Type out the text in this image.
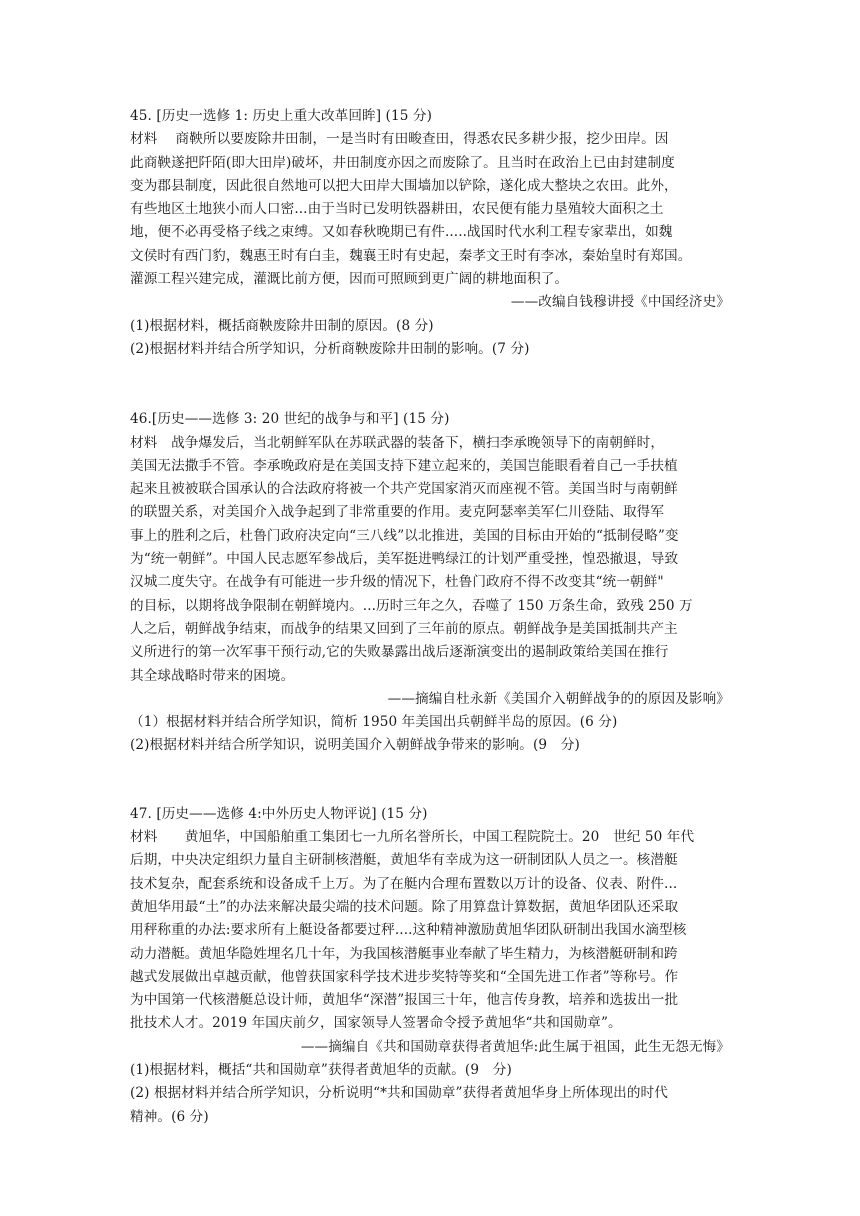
45. [历史一选修 1: 历史上重大改革回眸] (15 分)
材料　 商鞅所以要废除井田制，一是当时有田畯查田，得悉农民多耕少报，挖少田岸。因
此商鞅遂把阡陌(即大田岸)破坏，井田制度亦因之而废除了。且当时在政治上已由封建制度
变为郡县制度，因此很自然地可以把大田岸大围墙加以铲除，遂化成大整块之农田。此外，
有些地区土地狭小而人口密...由于当时已发明铁器耕田，农民便有能力垦殖较大面积之土
地，便不必再受格子线之束缚。又如春秋晚期已有件.....战国时代水利工程专家辈出，如魏
文侯时有西门豹，魏惠王时有白圭，魏襄王时有史起，秦孝文王时有李冰，秦始皇时有郑国。
灌源工程兴建完成，灌溉比前方便，因而可照顾到更广阔的耕地面积了。
——改编自钱穆讲授《中国经济史》
(1)根据材料，概括商鞅废除井田制的原因。(8 分)
(2)根据材料并结合所学知识，分析商鞅废除井田制的影响。(7 分)
46.[历史——选修 3: 20 世纪的战争与和平] (15 分)
材料　战争爆发后，当北朝鲜军队在苏联武器的装备下，横扫李承晚领导下的南朝鲜时，
美国无法撒手不管。李承晚政府是在美国支持下建立起来的，美国岂能眼看着自己一手扶植
起来且被被联合国承认的合法政府将被一个共产党国家消灭而座视不管。美国当时与南朝鲜
的联盟关系，对美国介入战争起到了非常重要的作用。麦克阿瑟率美军仁川登陆、取得军
事上的胜利之后，杜鲁门政府决定向“三八线”以北推进，美国的目标由开始的“抵制侵略”变
为“统一朝鲜”。中国人民志愿军参战后，美军挺进鸭绿江的计划严重受挫，惶恐撤退，导致
汉城二度失守。在战争有可能进一步升级的情况下，杜鲁门政府不得不改变其“统一朝鲜"
的目标，以期将战争限制在朝鲜境内。...历时三年之久，吞噬了 150 万条生命，致残 250 万
人之后，朝鲜战争结束，而战争的结果又回到了三年前的原点。朝鲜战争是美国抵制共产主
义所进行的第一次军事干预行动,它的失败暴露出战后逐渐演变出的遏制政策给美国在推行
其全球战略时带来的困境。
——摘编自杜永新《美国介入朝鲜战争的的原因及影响》
（1）根据材料并结合所学知识，简析 1950 年美国出兵朝鲜半岛的原因。(6 分)
(2)根据材料并结合所学知识，说明美国介入朝鲜战争带来的影响。(9　分)
47. [历史——选修 4:中外历史人物评说] (15 分)
材料　　黄旭华，中国船舶重工集团七一九所名誉所长，中国工程院院士。20　世纪 50 年代
后期，中央决定组织力量自主研制核潜艇，黄旭华有幸成为这一研制团队人员之一。核潜艇
技术复杂，配套系统和设备成千上万。为了在艇内合理布置数以万计的设备、仪表、附件...
黄旭华用最“土”的办法来解决最尖端的技术问题。除了用算盘计算数据，黄旭华团队还采取
用秤称重的办法:要求所有上艇设备都要过秤....这种精神激励黄旭华团队研制出我国水滴型核
动力潜艇。黄旭华隐姓埋名几十年，为我国核潜艇事业奉献了毕生精力，为核潜艇研制和跨
越式发展做出卓越贡献，他曾获国家科学技术进步奖特等奖和“全国先进工作者”等称号。作
为中国第一代核潜艇总设计师，黄旭华“深潜”报国三十年，他言传身教，培养和选拔出一批
批技术人才。2019 年国庆前夕，国家领导人签署命令授予黄旭华“共和国勋章”。
——摘编自《共和国勋章获得者黄旭华:此生属于祖国，此生无怨无悔》
(1)根据材料，概括“共和国勋章”获得者黄旭华的贡献。(9　分)
(2) 根据材料并结合所学知识，分析说明“*共和国勋章”获得者黄旭华身上所体现出的时代
精神。(6 分)
